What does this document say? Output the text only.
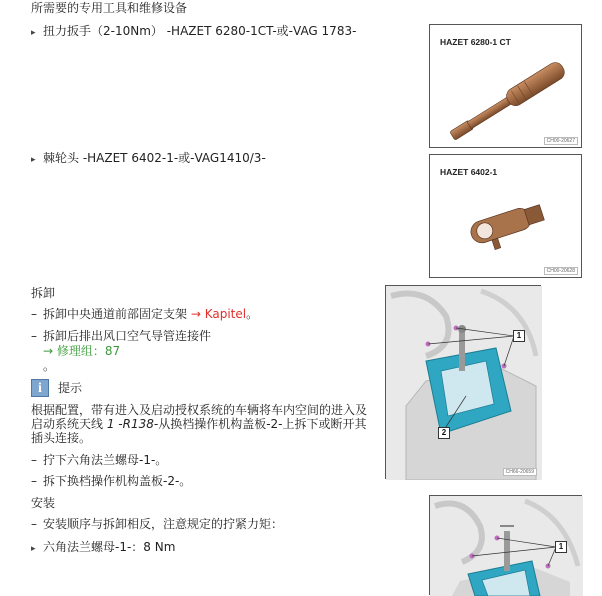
所需要的专用工具和维修设备
▸ 扭力扳手（2-10Nm） -HAZET 6280-1CT-或-VAG 1783-
HAZET 6280-1 CT
CH00-20627
▸ 棘轮头 -HAZET 6402-1-或-VAG1410/3-
HAZET 6402-1
CH00-20628
拆卸
– 拆卸中央通道前部固定支架 → Kapitel。
– 拆卸后排出风口空气导管连接件
→ 修理组：87
。
i	提示
根据配置，带有进入及启动授权系统的车辆将车内空间的进入及
启动系统天线 1 -R138-从换档操作机构盖板-2-上拆下或断开其
插头连接。
– 拧下六角法兰螺母-1-。
– 拆下换档操作机构盖板-2-。
1
2
CH66-20659
安装
– 安装顺序与拆卸相反，注意规定的拧紧力矩：
▸ 六角法兰螺母-1-：8 Nm	1
